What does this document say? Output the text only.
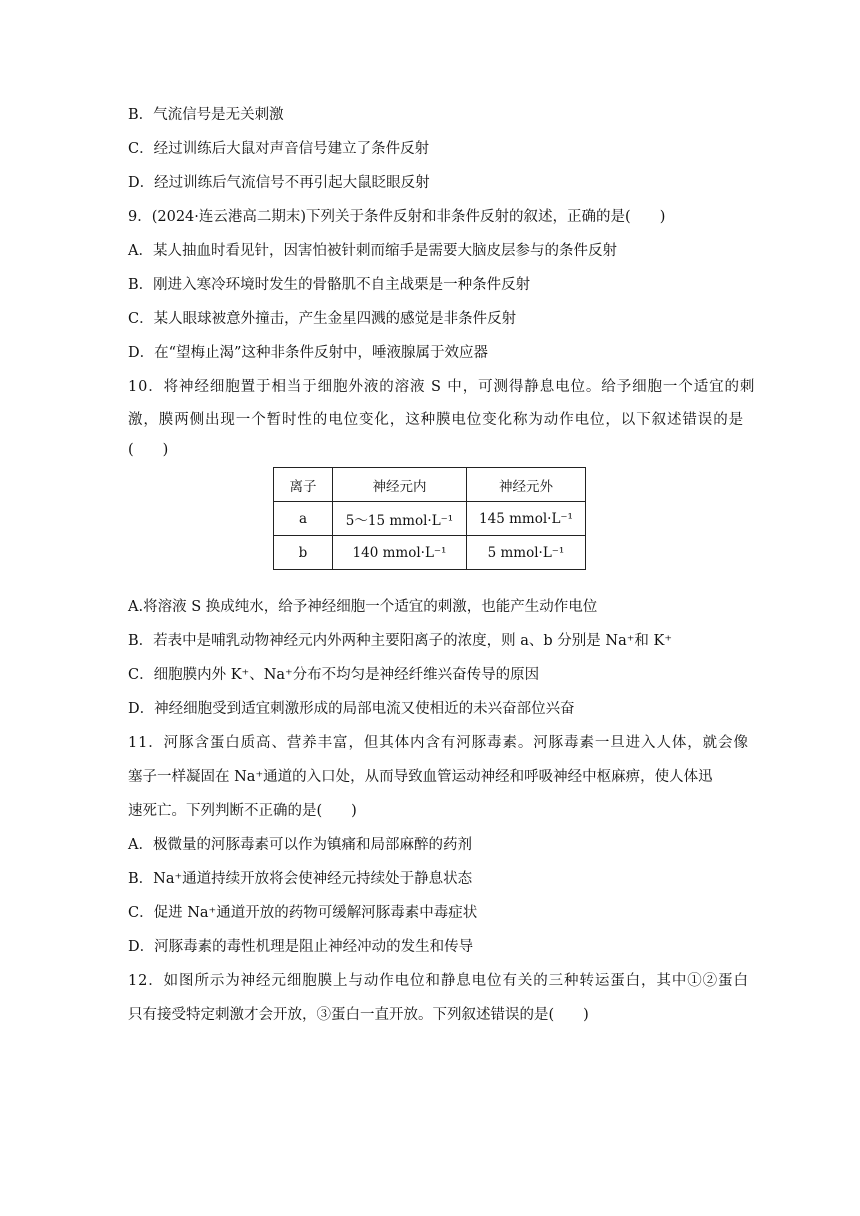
B．气流信号是无关刺激
C．经过训练后大鼠对声音信号建立了条件反射
D．经过训练后气流信号不再引起大鼠眨眼反射
9．(2024·连云港高二期末)下列关于条件反射和非条件反射的叙述，正确的是(　　)
A．某人抽血时看见针，因害怕被针刺而缩手是需要大脑皮层参与的条件反射
B．刚进入寒冷环境时发生的骨骼肌不自主战栗是一种条件反射
C．某人眼球被意外撞击，产生金星四溅的感觉是非条件反射
D．在“望梅止渴”这种非条件反射中，唾液腺属于效应器
10．将神经细胞置于相当于细胞外液的溶液 S 中，可测得静息电位。给予细胞一个适宜的刺
激，膜两侧出现一个暂时性的电位变化，这种膜电位变化称为动作电位，以下叙述错误的是
(　　)
离子	神经元内	神经元外
a	5～15 mmol·L⁻¹	145 mmol·L⁻¹
b	140 mmol·L⁻¹	5 mmol·L⁻¹
A.将溶液 S 换成纯水，给予神经细胞一个适宜的刺激，也能产生动作电位
B．若表中是哺乳动物神经元内外两种主要阳离子的浓度，则 a、b 分别是 Na⁺和 K⁺
C．细胞膜内外 K⁺、Na⁺分布不均匀是神经纤维兴奋传导的原因
D．神经细胞受到适宜刺激形成的局部电流又使相近的未兴奋部位兴奋
11．河豚含蛋白质高、营养丰富，但其体内含有河豚毒素。河豚毒素一旦进入人体，就会像
塞子一样凝固在 Na⁺通道的入口处，从而导致血管运动神经和呼吸神经中枢麻痹，使人体迅
速死亡。下列判断不正确的是(　　)
A．极微量的河豚毒素可以作为镇痛和局部麻醉的药剂
B．Na⁺通道持续开放将会使神经元持续处于静息状态
C．促进 Na⁺通道开放的药物可缓解河豚毒素中毒症状
D．河豚毒素的毒性机理是阻止神经冲动的发生和传导
12．如图所示为神经元细胞膜上与动作电位和静息电位有关的三种转运蛋白，其中①②蛋白
只有接受特定刺激才会开放，③蛋白一直开放。下列叙述错误的是(　　)
